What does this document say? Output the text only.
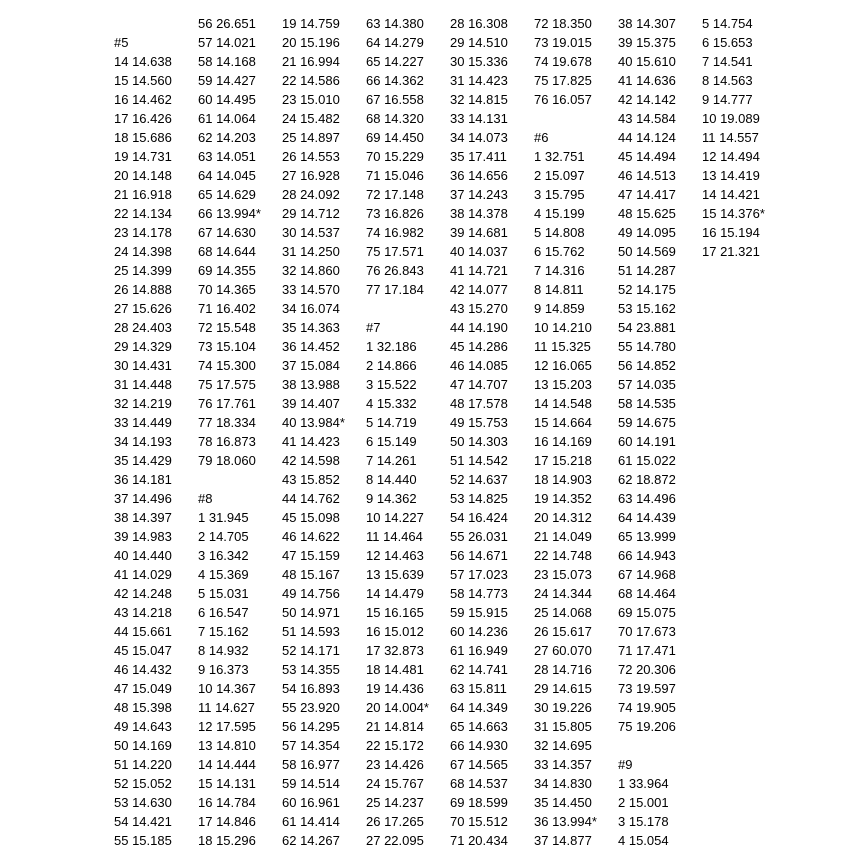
#5
14 14.638
15 14.560
16 14.462
17 16.426
18 15.686
19 14.731
20 14.148
21 16.918
22 14.134
23 14.178
24 14.398
25 14.399
26 14.888
27 15.626
28 24.403
29 14.329
30 14.431
31 14.448
32 14.219
33 14.449
34 14.193
35 14.429
36 14.181
37 14.496
38 14.397
39 14.983
40 14.440
41 14.029
42 14.248
43 14.218
44 15.661
45 15.047
46 14.432
47 15.049
48 15.398
49 14.643
50 14.169
51 14.220
52 15.052
53 14.630
54 14.421
55 15.185
56 26.651
57 14.021
58 14.168
59 14.427
60 14.495
61 14.064
62 14.203
63 14.051
64 14.045
65 14.629
66 13.994*
67 14.630
68 14.644
69 14.355
70 14.365
71 16.402
72 15.548
73 15.104
74 15.300
75 17.575
76 17.761
77 18.334
78 16.873
79 18.060
#8
1 31.945
2 14.705
3 16.342
4 15.369
5 15.031
6 16.547
7 15.162
8 14.932
9 16.373
10 14.367
11 14.627
12 17.595
13 14.810
14 14.444
15 14.131
16 14.784
17 14.846
18 15.296
19 14.759
20 15.196
21 16.994
22 14.586
23 15.010
24 15.482
25 14.897
26 14.553
27 16.928
28 24.092
29 14.712
30 14.537
31 14.250
32 14.860
33 14.570
34 16.074
35 14.363
36 14.452
37 15.084
38 13.988
39 14.407
40 13.984*
41 14.423
42 14.598
43 15.852
44 14.762
45 15.098
46 14.622
47 15.159
48 15.167
49 14.756
50 14.971
51 14.593
52 14.171
53 14.355
54 16.893
55 23.920
56 14.295
57 14.354
58 16.977
59 14.514
60 16.961
61 14.414
62 14.267
63 14.380
64 14.279
65 14.227
66 14.362
67 16.558
68 14.320
69 14.450
70 15.229
71 15.046
72 17.148
73 16.826
74 16.982
75 17.571
76 26.843
77 17.184
#7
1 32.186
2 14.866
3 15.522
4 15.332
5 14.719
6 15.149
7 14.261
8 14.440
9 14.362
10 14.227
11 14.464
12 14.463
13 15.639
14 14.479
15 16.165
16 15.012
17 32.873
18 14.481
19 14.436
20 14.004*
21 14.814
22 15.172
23 14.426
24 15.767
25 14.237
26 17.265
27 22.095
28 16.308
29 14.510
30 15.336
31 14.423
32 14.815
33 14.131
34 14.073
35 17.411
36 14.656
37 14.243
38 14.378
39 14.681
40 14.037
41 14.721
42 14.077
43 15.270
44 14.190
45 14.286
46 14.085
47 14.707
48 17.578
49 15.753
50 14.303
51 14.542
52 14.637
53 14.825
54 16.424
55 26.031
56 14.671
57 17.023
58 14.773
59 15.915
60 14.236
61 16.949
62 14.741
63 15.811
64 14.349
65 14.663
66 14.930
67 14.565
68 14.537
69 18.599
70 15.512
71 20.434
72 18.350
73 19.015
74 19.678
75 17.825
76 16.057
#6
1 32.751
2 15.097
3 15.795
4 15.199
5 14.808
6 15.762
7 14.316
8 14.811
9 14.859
10 14.210
11 15.325
12 16.065
13 15.203
14 14.548
15 14.664
16 14.169
17 15.218
18 14.903
19 14.352
20 14.312
21 14.049
22 14.748
23 15.073
24 14.344
25 14.068
26 15.617
27 60.070
28 14.716
29 14.615
30 19.226
31 15.805
32 14.695
33 14.357
34 14.830
35 14.450
36 13.994*
37 14.877
38 14.307
39 15.375
40 15.610
41 14.636
42 14.142
43 14.584
44 14.124
45 14.494
46 14.513
47 14.417
48 15.625
49 14.095
50 14.569
51 14.287
52 14.175
53 15.162
54 23.881
55 14.780
56 14.852
57 14.035
58 14.535
59 14.675
60 14.191
61 15.022
62 18.872
63 14.496
64 14.439
65 13.999
66 14.943
67 14.968
68 14.464
69 15.075
70 17.673
71 17.471
72 20.306
73 19.597
74 19.905
75 19.206
#9
1 33.964
2 15.001
3 15.178
4 15.054
5 14.754
6 15.653
7 14.541
8 14.563
9 14.777
10 19.089
11 14.557
12 14.494
13 14.419
14 14.421
15 14.376*
16 15.194
17 21.321
